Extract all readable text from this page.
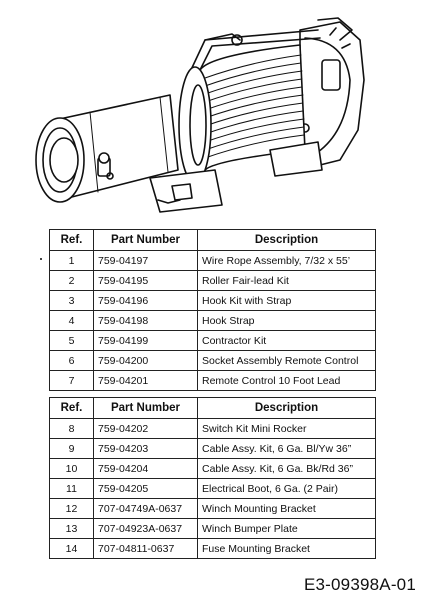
Ref.	Part Number	Description
1	759-04197	Wire Rope Assembly, 7/32 x 55’
2	759-04195	Roller Fair-lead Kit
3	759-04196	Hook Kit with Strap
4	759-04198	Hook Strap
5	759-04199	Contractor Kit
6	759-04200	Socket Assembly Remote Control
7	759-04201	Remote Control 10 Foot Lead
Ref.	Part Number	Description
8	759-04202	Switch Kit Mini Rocker
9	759-04203	Cable Assy. Kit, 6 Ga. Bl/Yw 36”
10	759-04204	Cable Assy. Kit, 6 Ga. Bk/Rd 36”
11	759-04205	Electrical Boot, 6 Ga. (2 Pair)
12	707-04749A-0637	Winch Mounting Bracket
13	707-04923A-0637	Winch Bumper Plate
14	707-04811-0637	Fuse Mounting Bracket
E3-09398A-01
